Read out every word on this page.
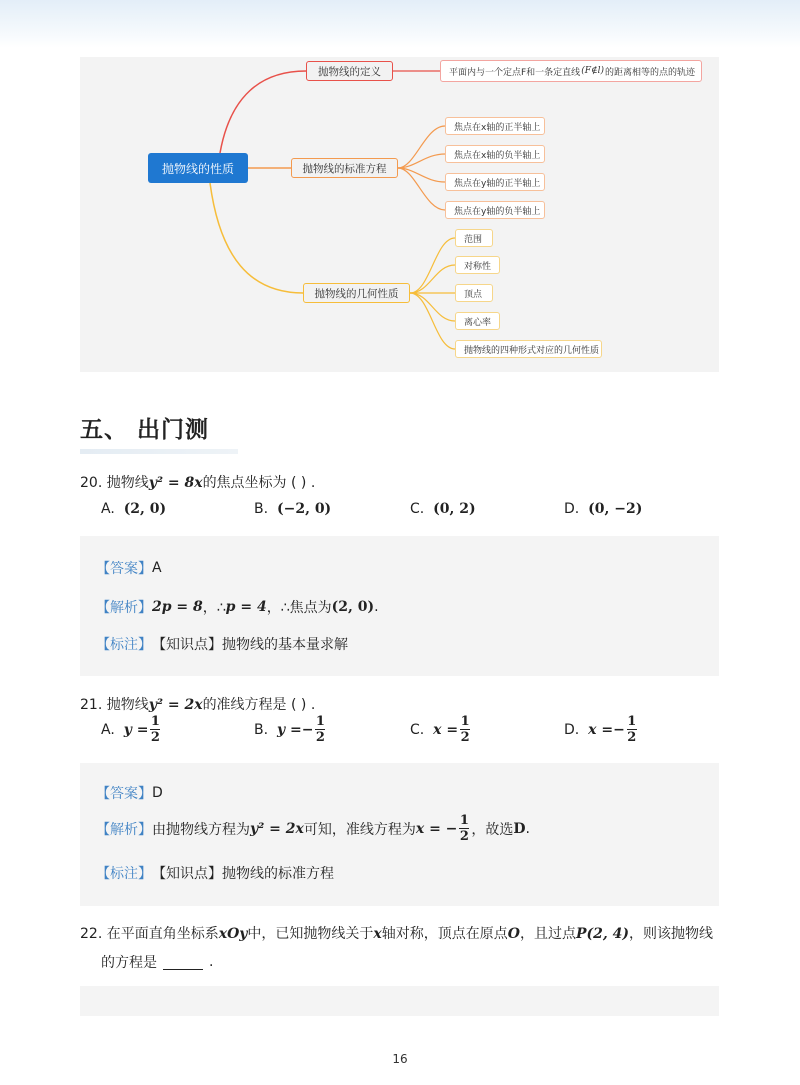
抛物线的性质
抛物线的定义	平面内与一个定点F和一条定直线 (F∉l) 的距离相等的点的轨迹
抛物线的标准方程
焦点在x轴的正半轴上
焦点在x轴的负半轴上
焦点在y轴的正半轴上
焦点在y轴的负半轴上
抛物线的几何性质
范围
对称性
顶点
离心率
抛物线的四种形式对应的几何性质
五、 出门测
20. 抛物线y² = 8x的焦点坐标为 ( ) .
A.
(2, 0)	B.
(−2, 0)	C.
(0, 2)	D.
(0, −2)
【答案】 A
【解析】 2p = 8 ，∴ p = 4 ，∴焦点为 (2, 0) .
【标注】 【知识点】抛物线的基本量求解
21. 抛物线y² = 2x的准线方程是 ( ) .
A.
$y = \frac{1}{2}$	B.
y = − $\frac{1}{2}$	C.
$x = \frac{1}{2}$	D.
x = − $\frac{1}{2}$
【答案】 D
【解析】 由抛物线方程为 y² = 2x 可知，准线方程为 x = − $\frac{1}{2}$ ，故选 D .
【标注】 【知识点】抛物线的标准方程
22. 在平面直角坐标系xOy中，已知抛物线关于x轴对称，顶点在原点O，且过点P(2, 4)，则该抛物线
的方程是	.
16
